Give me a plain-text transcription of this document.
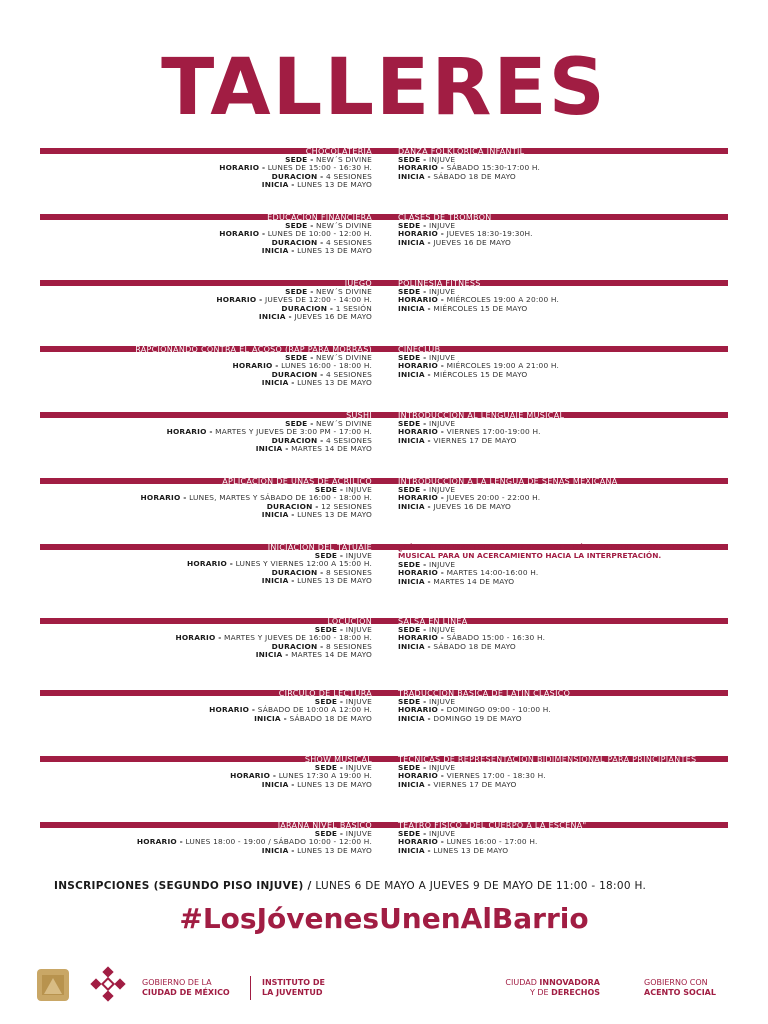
TALLERES
CHOCOLATERÍA
SEDE - NEW´S DIVINE
HORARIO - LUNES DE 15:00 - 16:30 H.
DURACION - 4 SESIONES
INICIA - LUNES 13 DE MAYO
DANZA FOLKLÓRICA INFANTIL
SEDE - INJUVE
HORARIO - SÁBADO 15:30-17:00 H.
INICIA - SÁBADO 18 DE MAYO
EDUCACIÓN FINANCIERA
SEDE - NEW´S DIVINE
HORARIO - LUNES DE 10:00 - 12:00 H.
DURACION - 4 SESIONES
INICIA - LUNES 13 DE MAYO
CLASES DE TROMBÓN
SEDE - INJUVE
HORARIO - JUEVES 18:30-19:30H.
INICIA - JUEVES 16 DE MAYO
JUEGO
SEDE - NEW´S DIVINE
HORARIO - JUEVES DE 12:00 - 14:00 H.
DURACION - 1 SESIÓN
INICIA - JUEVES 16 DE MAYO
POLINESIA FITNESS
SEDE - INJUVE
HORARIO - MIÉRCOLES 19:00 A 20:00 H.
INICIA - MIÉRCOLES 15 DE MAYO
RAPCIONANDO CONTRA EL ACOSO (RAP PARA MORRAS)
SEDE - NEW´S DIVINE
HORARIO - LUNES 16:00 - 18:00 H.
DURACION - 4 SESIONES
INICIA - LUNES 13 DE MAYO
CINECLUB
SEDE - INJUVE
HORARIO - MIÉRCOLES 19:00 A 21:00 H.
INICIA - MIÉRCOLES 15 DE MAYO
SUSHI
SEDE - NEW´S DIVINE
HORARIO - MARTES Y JUEVES DE 3:00 PM - 17:00 H.
DURACION - 4 SESIONES
INICIA - MARTES 14 DE MAYO
INTRODUCCIÓN AL LENGUAJE MUSICAL
SEDE - INJUVE
HORARIO - VIERNES 17:00-19:00 H.
INICIA - VIERNES 17 DE MAYO
APLICACIÓN DE UÑAS DE ACRÍLICO
SEDE - INJUVE
HORARIO - LUNES, MARTES Y SÁBADO DE 16:00 - 18:00 H.
DURACION - 12 SESIONES
INICIA - LUNES 13 DE MAYO
INTRODUCCIÓN A LA LENGUA DE SEÑAS MEXICANA
SEDE - INJUVE
HORARIO - JUEVES 20:00 - 22:00 H.
INICIA - JUEVES 16 DE MAYO
INICIACIÓN DEL TATUAJE
SEDE - INJUVE
HORARIO - LUNES Y VIERNES 12:00 A 15:00 H.
DURACION - 8 SESIONES
INICIA - LUNES 13 DE MAYO
¿CÓMO LEER UNA PARTITURA? NOCIONES BÁSICAS DE LECTURA Y ESCRITURA MUSICAL PARA UN ACERCAMIENTO HACIA LA INTERPRETACIÓN.
SEDE - INJUVE
HORARIO - MARTES 14:00-16:00 H.
INICIA - MARTES 14 DE MAYO
LOCUCIÓN
SEDE - INJUVE
HORARIO - MARTES Y JUEVES DE 16:00 - 18:00 H.
DURACION - 8 SESIONES
INICIA - MARTES 14 DE MAYO
SALSA EN LÍNEA
SEDE - INJUVE
HORARIO - SÁBADO 15:00 - 16:30 H.
INICIA - SÁBADO 18 DE MAYO
CÍRCULO DE LECTURA
SEDE - INJUVE
HORARIO - SÁBADO DE 10:00 A 12:00 H.
INICIA - SÁBADO 18 DE MAYO
TRADUCCIÓN BÁSICA DE LATÍN CLÁSICO
SEDE - INJUVE
HORARIO - DOMINGO 09:00 - 10:00 H.
INICIA - DOMINGO 19 DE MAYO
SHOW MUSICAL
SEDE - INJUVE
HORARIO - LUNES 17:30 A 19:00 H.
INICIA - LUNES 13 DE MAYO
TÉCNICAS DE REPRESENTACIÓN BIDIMENSIONAL PARA PRINCIPIANTES
SEDE - INJUVE
HORARIO - VIERNES 17:00 - 18:30 H.
INICIA - VIERNES 17 DE MAYO
JARANA NIVEL BÁSICO
SEDE - INJUVE
HORARIO - LUNES 18:00 - 19:00 / SÁBADO 10:00 - 12:00 H.
INICIA - LUNES 13 DE MAYO
TEATRO FÍSICO "DEL CUERPO A LA ESCENA"
SEDE - INJUVE
HORARIO - LUNES 16:00 - 17:00 H.
INICIA - LUNES 13 DE MAYO
INSCRIPCIONES (SEGUNDO PISO INJUVE) / LUNES 6 DE MAYO A JUEVES 9 DE MAYO DE 11:00 - 18:00 H.
#LosJóvenesUnenAlBarrio
GOBIERNO DE LA
CIUDAD DE MÉXICO
INSTITUTO DE
LA JUVENTUD
CIUDAD INNOVADORA
Y DE DERECHOS
GOBIERNO CON
ACENTO SOCIAL
